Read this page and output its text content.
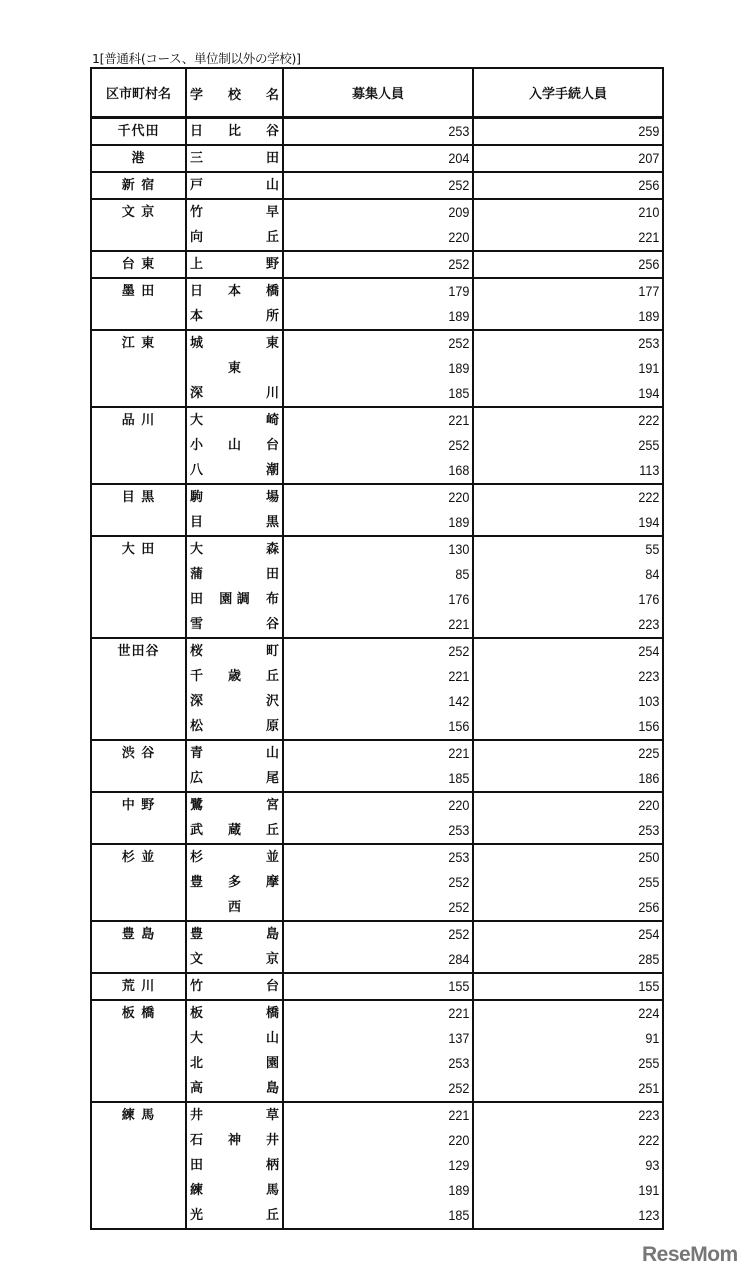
1[普通科(コース、単位制以外の学校)]
区市町村名	学 校 名	募集人員	入学手続人員
千代田	日 比 谷	253	259
港	三 田	204	207
新 宿	戸 山	252	256
文 京	竹 早	209	210

	向 丘	220	221
台 東	上 野	252	256
墨 田	日 本 橋	179	177

	本 所	189	189
江 東	城 東	252	253

	東	189	191

	深 川	185	194
品 川	大 崎	221	222

	小 山 台	252	255

	八 潮	168	113
目 黒	駒 場	220	222

	目 黒	189	194
大 田	大 森	130	55

	蒲 田	85	84

	田 園 調 布	176	176

	雪 谷	221	223
世田谷	桜 町	252	254

	千 歳 丘	221	223

	深 沢	142	103

	松 原	156	156
渋 谷	青 山	221	225

	広 尾	185	186
中 野	鷺 宮	220	220

	武 蔵 丘	253	253
杉 並	杉 並	253	250

	豊 多 摩	252	255

	西	252	256
豊 島	豊 島	252	254

	文 京	284	285
荒 川	竹 台	155	155
板 橋	板 橋	221	224

	大 山	137	91

	北 園	253	255

	高 島	252	251
練 馬	井 草	221	223

	石 神 井	220	222

	田 柄	129	93

	練 馬	189	191

	光 丘	185	123
ReseMom
